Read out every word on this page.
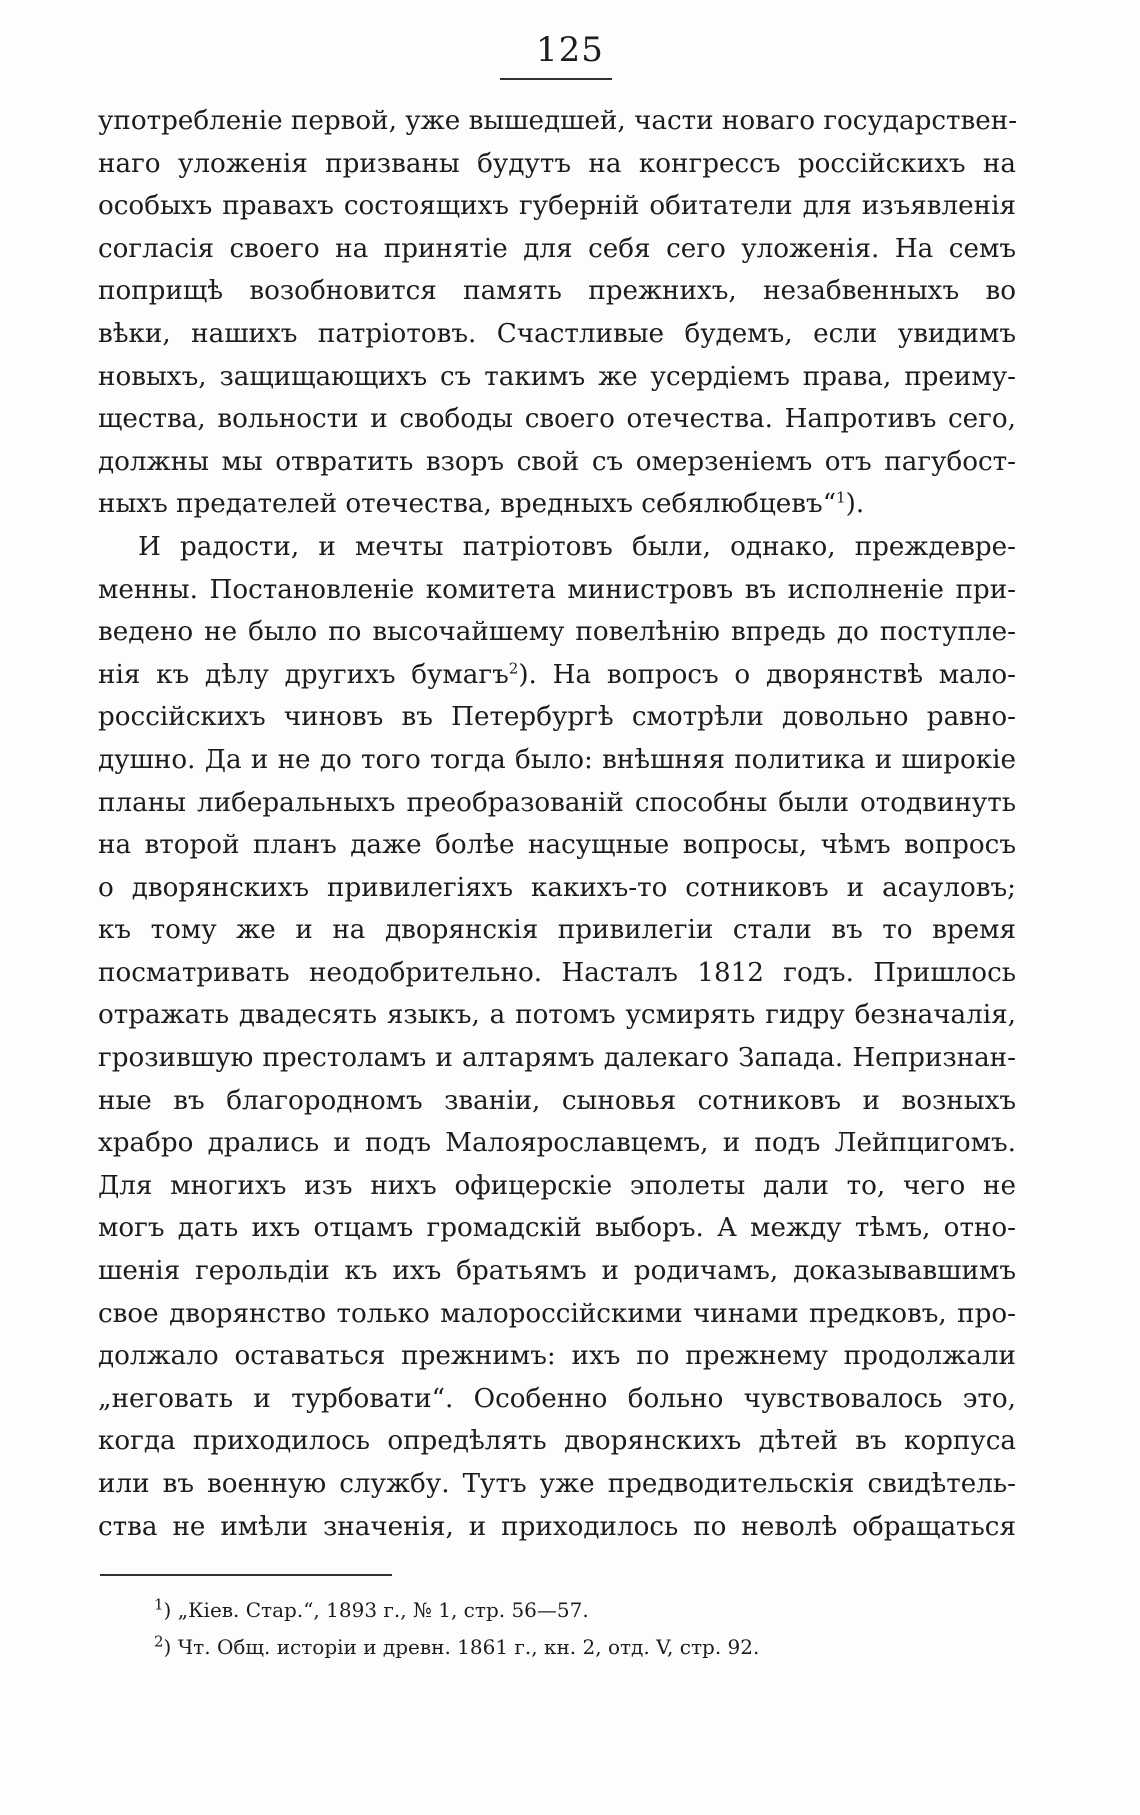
125
употребленіе первой, уже вышедшей, части новаго государствен-
наго уложенія призваны будутъ на конгрессъ россійскихъ на
особыхъ правахъ состоящихъ губерній обитатели для изъявленія
согласія своего на принятіе для себя сего уложенія. На семъ
поприщѣ возобновится память прежнихъ, незабвенныхъ во
вѣки, нашихъ патріотовъ. Счастливые будемъ, если увидимъ
новыхъ, защищающихъ съ такимъ же усердіемъ права, преиму-
щества, вольности и свободы своего отечества. Напротивъ сего,
должны мы отвратить взоръ свой съ омерзеніемъ отъ пагубост-
ныхъ предателей отечества, вредныхъ себялюбцевъ“$^1$).
И радости, и мечты патріотовъ были, однако, преждевре-
менны. Постановленіе комитета министровъ въ исполненіе при-
ведено не было по высочайшему повелѣнію впредь до поступле-
нія къ дѣлу другихъ бумагъ$^2$). На вопросъ о дворянствѣ мало-
россійскихъ чиновъ въ Петербургѣ смотрѣли довольно равно-
душно. Да и не до того тогда было: внѣшняя политика и широкіе
планы либеральныхъ преобразованій способны были отодвинуть
на второй планъ даже болѣе насущные вопросы, чѣмъ вопросъ
о дворянскихъ привилегіяхъ какихъ-то сотниковъ и асауловъ;
къ тому же и на дворянскія привилегіи стали въ то время
посматривать неодобрительно. Насталъ 1812 годъ. Пришлось
отражать двадесять языкъ, а потомъ усмирять гидру безначалія,
грозившую престоламъ и алтарямъ далекаго Запада. Непризнан-
ные въ благородномъ званіи, сыновья сотниковъ и возныхъ
храбро дрались и подъ Малоярославцемъ, и подъ Лейпцигомъ.
Для многихъ изъ нихъ офицерскіе эполеты дали то, чего не
могъ дать ихъ отцамъ громадскій выборъ. А между тѣмъ, отно-
шенія герольдіи къ ихъ братьямъ и родичамъ, доказывавшимъ
свое дворянство только малороссійскими чинами предковъ, про-
должало оставаться прежнимъ: ихъ по прежнему продолжали
„неговать и турбовати“. Особенно больно чувствовалось это,
когда приходилось опредѣлять дворянскихъ дѣтей въ корпуса
или въ военную службу. Тутъ уже предводительскія свидѣтель-
ства не имѣли значенія, и приходилось по неволѣ обращаться
$^1$) „Кіев. Стар.“, 1893 г., № 1, стр. 56—57.
$^2$) Чт. Общ. исторіи и древн. 1861 г., кн. 2, отд. V, стр. 92.
